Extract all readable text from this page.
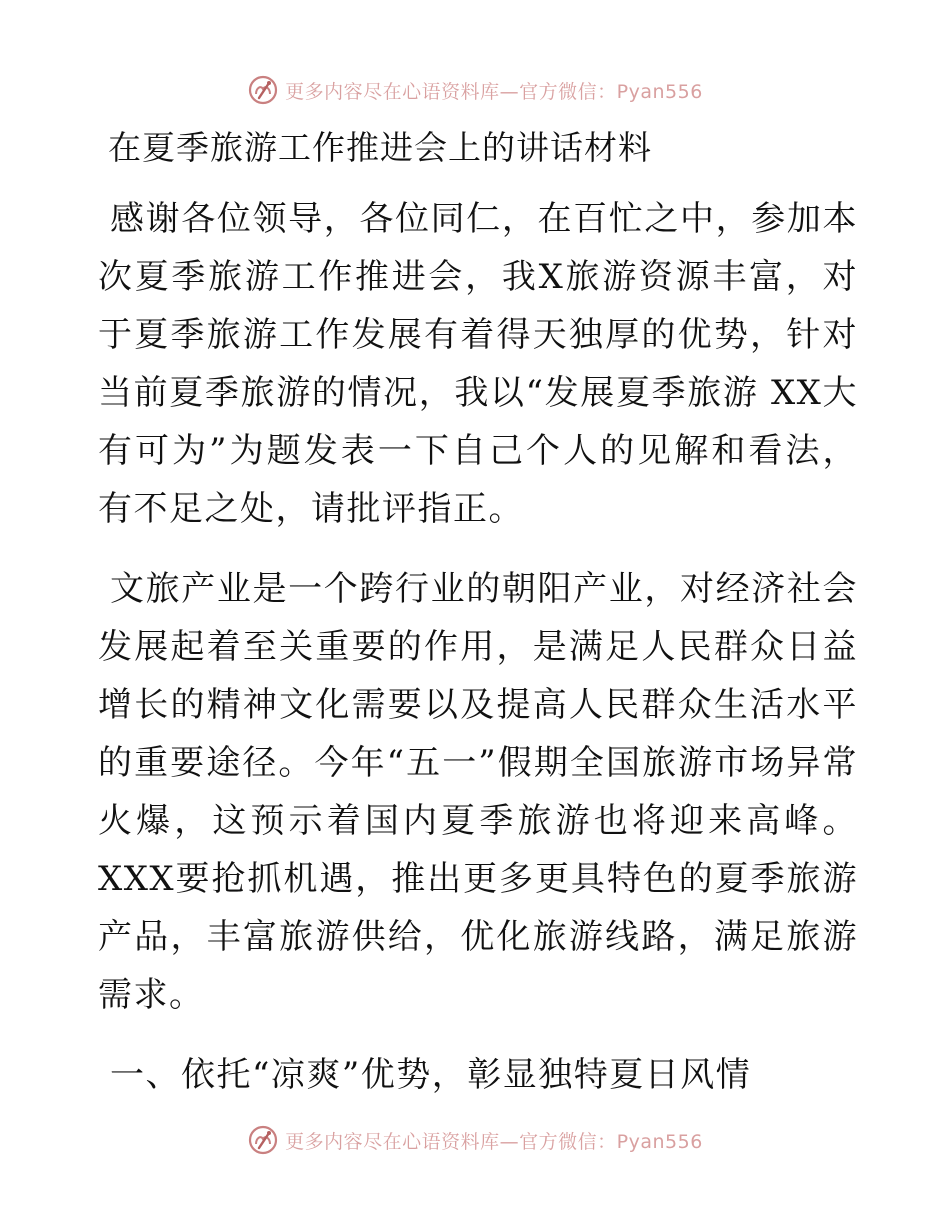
更多内容尽在心语资料库—官方微信：Pyan556
在夏季旅游工作推进会上的讲话材料

感谢各位领导，各位同仁，在百忙之中，参加本次夏季旅游工作推进会，我X旅游资源丰富，对于夏季旅游工作发展有着得天独厚的优势，针对当前夏季旅游的情况，我以“发展夏季旅游 XX大有可为”为题发表一下自己个人的见解和看法，有不足之处，请批评指正。

文旅产业是一个跨行业的朝阳产业，对经济社会发展起着至关重要的作用，是满足人民群众日益增长的精神文化需要以及提高人民群众生活水平的重要途径。今年“五一”假期全国旅游市场异常火爆，这预示着国内夏季旅游也将迎来高峰。XXX要抢抓机遇，推出更多更具特色的夏季旅游产品，丰富旅游供给，优化旅游线路，满足旅游需求。

一、依托“凉爽”优势，彰显独特夏日风情
更多内容尽在心语资料库—官方微信：Pyan556
